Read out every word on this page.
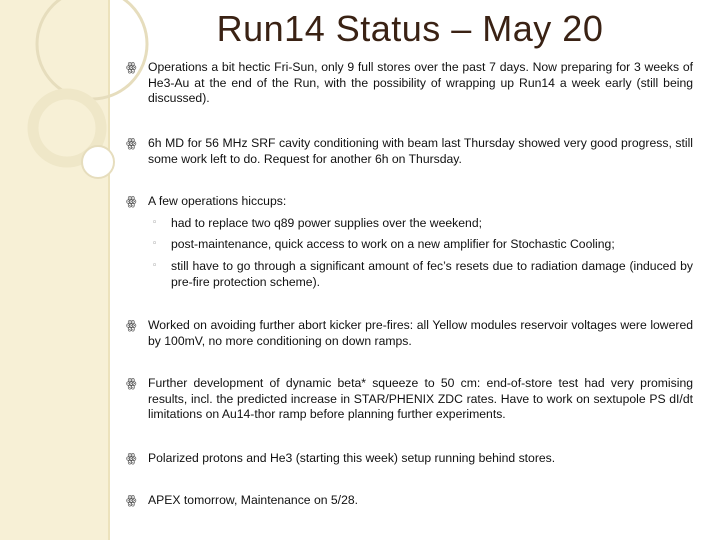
Run14 Status – May 20
ꙮ Operations a bit hectic Fri-Sun, only 9 full stores over the past 7 days. Now preparing for 3 weeks of He3-Au at the end of the Run, with the possibility of wrapping up Run14 a week early (still being discussed).
ꙮ 6h MD for 56 MHz SRF cavity conditioning with beam last Thursday showed very good progress, still some work left to do. Request for another 6h on Thursday.
ꙮ A few operations hiccups:
◦ had to replace two q89 power supplies over the weekend;
◦ post-maintenance, quick access to work on a new amplifier for Stochastic Cooling;
◦ still have to go through a significant amount of fec’s resets due to radiation damage (induced by pre-fire protection scheme).
ꙮ Worked on avoiding further abort kicker pre-fires: all Yellow modules reservoir voltages were lowered by 100mV, no more conditioning on down ramps.
ꙮ Further development of dynamic beta* squeeze to 50 cm: end-of-store test had very promising results, incl. the predicted increase in STAR/PHENIX ZDC rates. Have to work on sextupole PS dI/dt limitations on Au14-thor ramp before planning further experiments.
ꙮ Polarized protons and He3 (starting this week) setup running behind stores.
ꙮ APEX tomorrow, Maintenance on 5/28.
